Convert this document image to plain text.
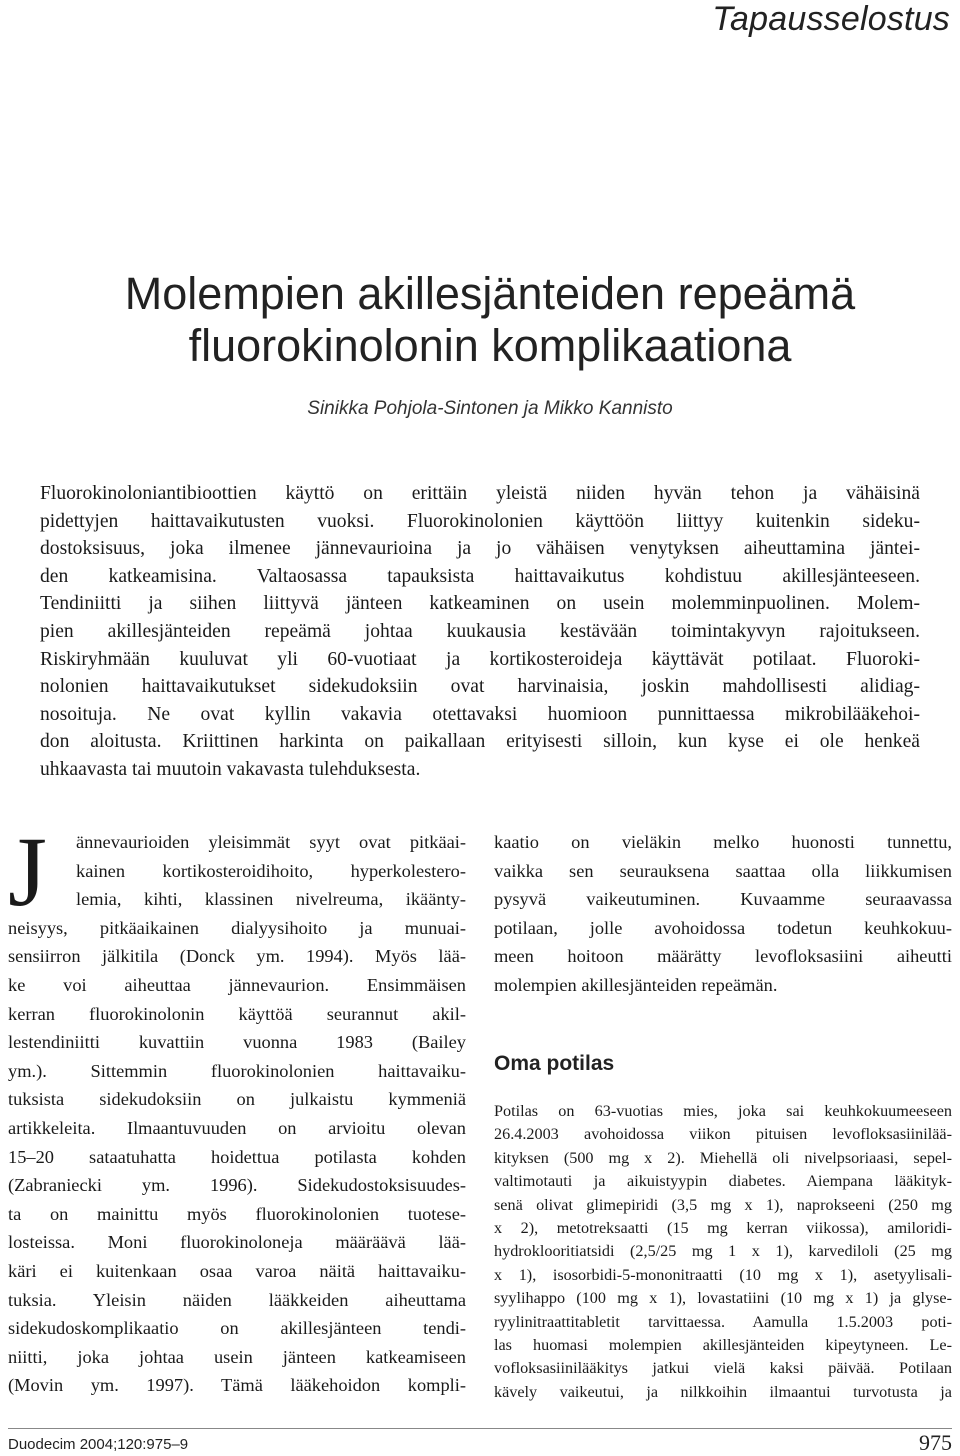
Tapausselostus
Molempien akillesjänteiden repeämä
fluorokinolonin komplikaationa
Sinikka Pohjola-Sintonen ja Mikko Kannisto
Fluorokinoloniantibioottien käyttö on erittäin yleistä niiden hyvän tehon ja vähäisinä
pidettyjen haittavaikutusten vuoksi. Fluorokinolonien käyttöön liittyy kuitenkin sideku-
dostoksisuus, joka ilmenee jännevaurioina ja jo vähäisen venytyksen aiheuttamina jäntei-
den katkeamisina. Valtaosassa tapauksista haittavaikutus kohdistuu akillesjänteeseen.
Tendiniitti ja siihen liittyvä jänteen katkeaminen on usein molemminpuolinen. Molem-
pien akillesjänteiden repeämä johtaa kuukausia kestävään toimintakyvyn rajoitukseen.
Riskiryhmään kuuluvat yli 60-vuotiaat ja kortikosteroideja käyttävät potilaat. Fluoroki-
nolonien haittavaikutukset sidekudoksiin ovat harvinaisia, joskin mahdollisesti alidiag-
nosoituja. Ne ovat kyllin vakavia otettavaksi huomioon punnittaessa mikrobilääkehoi-
don aloitusta. Kriittinen harkinta on paikallaan erityisesti silloin, kun kyse ei ole henkeä
uhkaavasta tai muutoin vakavasta tulehduksesta.
J	ännevaurioiden yleisimmät syyt ovat pitkäai-
kainen kortikosteroidihoito, hyperkolestero-
lemia, kihti, klassinen nivelreuma, ikäänty-
neisyys, pitkäaikainen dialyysihoito ja munuai-
sensiirron jälkitila (Donck ym. 1994). Myös lää-
ke voi aiheuttaa jännevaurion. Ensimmäisen
kerran fluorokinolonin käyttöä seurannut akil-
lestendiniitti kuvattiin vuonna 1983 (Bailey
ym.). Sittemmin fluorokinolonien haittavaiku-
tuksista sidekudoksiin on julkaistu kymmeniä
artikkeleita. Ilmaantuvuuden on arvioitu olevan
15–20 sataatuhatta hoidettua potilasta kohden
(Zabraniecki ym. 1996). Sidekudostoksisuudes-
ta on mainittu myös fluorokinolonien tuotese-
losteissa. Moni fluorokinoloneja määräävä lää-
käri ei kuitenkaan osaa varoa näitä haittavaiku-
tuksia. Yleisin näiden lääkkeiden aiheuttama
sidekudoskomplikaatio on akillesjänteen tendi-
niitti, joka johtaa usein jänteen katkeamiseen
(Movin ym. 1997). Tämä lääkehoidon kompli-
kaatio on vieläkin melko huonosti tunnettu,
vaikka sen seurauksena saattaa olla liikkumisen
pysyvä vaikeutuminen. Kuvaamme seuraavassa
potilaan, jolle avohoidossa todetun keuhkokuu-
meen hoitoon määrätty levofloksasiini aiheutti
molempien akillesjänteiden repeämän.
Oma potilas
Potilas on 63-vuotias mies, joka sai keuhkokuumeeseen
26.4.2003 avohoidossa viikon pituisen levofloksasiinilää-
kityksen (500 mg x 2). Miehellä oli nivelpsoriaasi, sepel-
valtimotauti ja aikuistyypin diabetes. Aiempana lääkityk-
senä olivat glimepiridi (3,5 mg x 1), naprokseeni (250 mg
x 2), metotreksaatti (15 mg kerran viikossa), amiloridi-
hydroklooritiatsidi (2,5/25 mg 1 x 1), karvediloli (25 mg
x 1), isosorbidi-5-mononitraatti (10 mg x 1), asetyylisali-
syylihappo (100 mg x 1), lovastatiini (10 mg x 1) ja glyse-
ryylinitraattitabletit tarvittaessa. Aamulla 1.5.2003 poti-
las huomasi molempien akillesjänteiden kipeytyneen. Le-
vofloksasiinilääkitys jatkui vielä kaksi päivää. Potilaan
kävely vaikeutui, ja nilkkoihin ilmaantui turvotusta ja
Duodecim 2004;120:975–9	975
